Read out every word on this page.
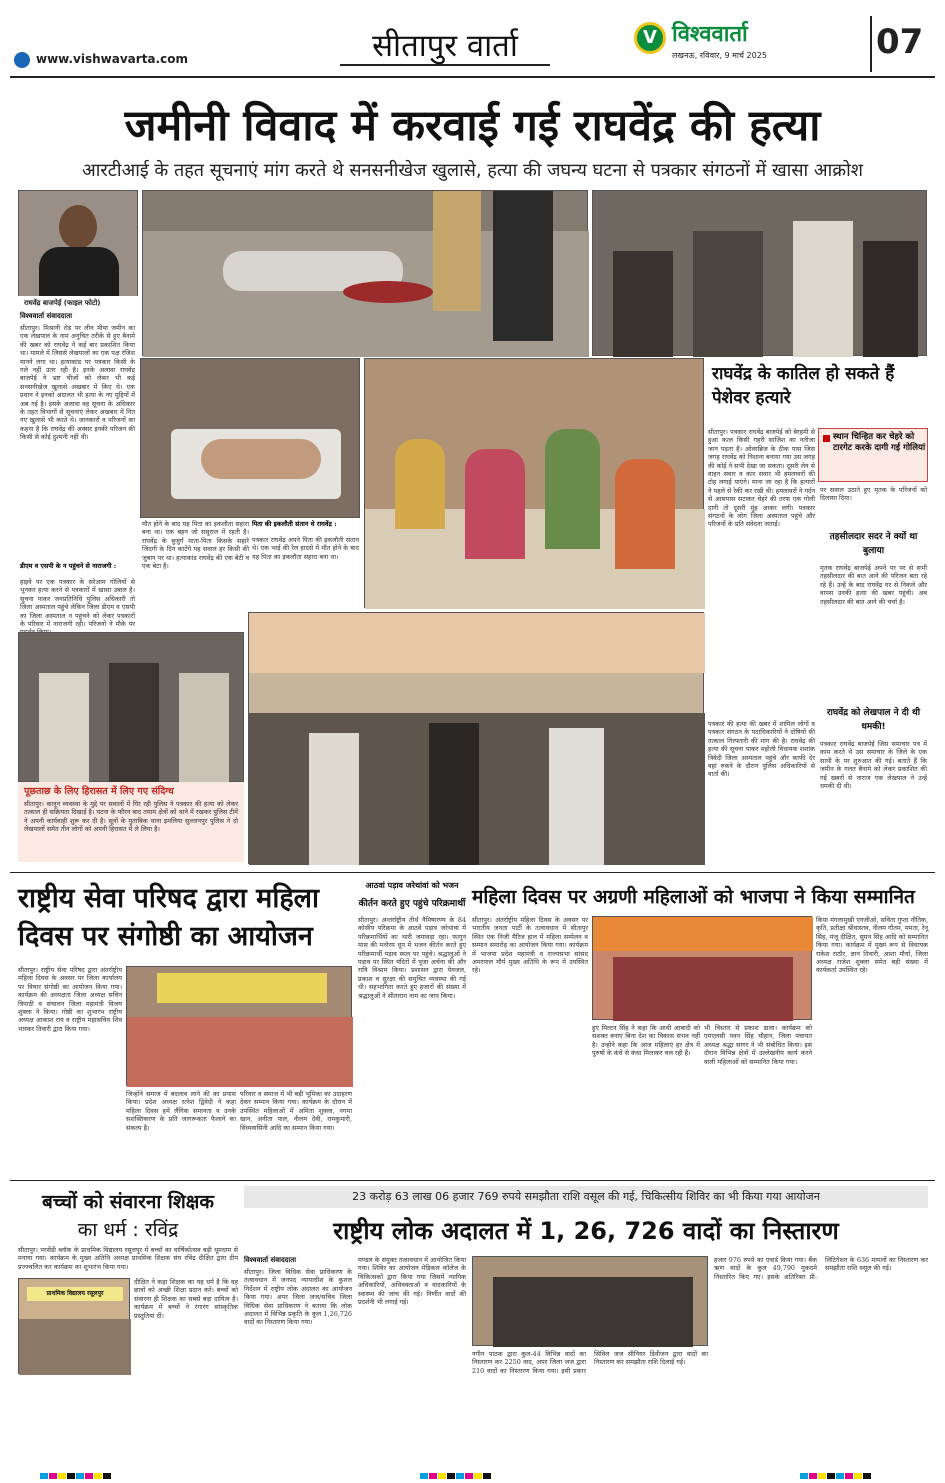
www.vishwavarta.com	सीतापुर वार्ता	V विश्ववार्ता
लखनऊ, रविवार, 9 मार्च 2025	07
जमीनी विवाद में करवाई गई राघवेंद्र की हत्या
आरटीआई के तहत सूचनाएं मांग करते थे सनसनीखेज खुलासे, हत्या की जघन्य घटना से पत्रकार संगठनों में खासा आक्रोश
राघवेंद्र बाजपेई (फाइल फोटो)
विश्ववार्ता संवाददाता
सीतापुर। मिश्रानी रोड पर लीन मीया जमीन का एक लेखपाल के नाम अनुचित तरीके से हुए बैनामे की खबर को राघवेंद्र ने कई बार प्रकाशित किया था। मामले में जिससे लेखपालों का एक पक्ष रंजिश मानने लगा था। हत्याकांड पर पत्रकार किसी के गले नहीं उतर रही है। इनके अलावा राघवेंद्र बाजपेई ने भ्रष्ट चीजों को लेकर भी कई सनसनीखेज खुलासे अखबार में किए थे। एक प्रधान ने इनको अदालत भी हत्या के नए मुद्दियों में अब गई है। इसके अलावा वह सूचना के अधिकार के तहत विभागों से सूचनाएं लेकर अखबार में नित नए खुलासे भी करते थे। जानकारों व परिजनों का कहना है कि राघवेंद्र की अक्सर इनकी परिजन की किसी से कोई दुश्मनी नहीं थी।
डीएम व एसपी के न पहुंचने से नाराजगी :
हाइवे पर एक पत्रकार के सरेआम गोलियों से भूनकर हत्या करने से पत्रकारों में खासा उबाल है। सूचना पाकर जनप्रतिनिधि पुलिस अधिकारी तो जिला अस्पताल पहुंचे लेकिन जिला डीएम व एसपी का जिला अस्पताल न पहुंचने को लेकर पत्रकारों के परिवार में नाराजगी रही। परिजनों ने मौके पर
मौत होने के बाद यह पिता का इकलौता सहारा बना था। एक बहन जो ससुराल में रहती है। राघवेंद्र के बुजुर्ग माता-पिता किसके सहारे जिंदगी के दिन काटेंगे यह सवाल हर किसी की जुबान पर था। हत्याकांड राघवेंद्र की एक बेटी व एक बेटा है।
पिता की इकलौती संतान थे राघवेंद्र :
पत्रकार राघवेंद्र अपने पिता की इकलौती संतान थे। एक भाई की रेल हादसे में मौत होने के बाद यह पिता का इकलौता सहारा बना था।
राघवेंद्र के कातिल हो सकते हैं पेशेवर हत्यारे
सीतापुर। पत्रकार राघवेंद्र बाजपेई को बेरहमी से हुआ कत्ल किसी गहरी साजिश का नतीजा जान पड़ता है। ओवरब्रिज के ठीक पास जिस जगह राघवेंद्र को निशाना बनाया गया उस जगह की कोई ने सभी देखा जा सकता। दूसरी लेन से वाहन सवार व कार सवार भी हमलावरों की टोह लगाई पाएंगे। माना जा रहा है कि हत्यारों ने पहले से रेकी कर रखी थी। हमलावरों ने गर्दन से आसपास सटाकर चेहरे की तरफ एक गोली दागी तो दूसरी मुंह आकर लगी। पत्रकार संगठनों के लोग जिला अस्पताल पहुंचे और परिजनों के प्रति संवेदना जताई।
स्थान चिन्हित कर चेहरे को टारगेट करके दागी गई गोलियां
पत्रकार की हत्या की खबर में शामिल लोगों व पत्रकार संगठन के पदाधिकारियों ने दोषियों की तत्काल गिरफ्तारी की मांग की है। राघवेंद्र की हत्या की सूचना पाकर महोली विधायक शशांक त्रिवेदी जिला अस्पताल पहुंचे और काफी देर वहां रुकने के दौरान पुलिस अधिकारियों से वार्ता की।
पर सवाल उठाते हुए मृतक के परिजनों को दिलासा दिया।
तहसीलदार सदर ने क्यों था बुलाया
मृतक राघवेंद्र बाजपेई अपने पर पर से सभी तहसीलदार की बात आने की परिजन बता रहे रहे हैं। उन्हें के बाद राघवेंद्र घर से निकले और वापस उनकी हत्या की खबर पहुंची। अब तहसीलदार की बात आने की चर्चा है।
राघवेंद्र को लेखपाल ने दी थी धमकी!
पत्रकार राघवेंद्र बाजपेई जिस समाचार पत्र में काम करते थे उस समाचार के जिले के एक साथी के पर शुरुआत की गई। बताते हैं कि जमीन के गलत बैनामे को लेकर प्रकाशित की गई खबरों से नाराज एक लेखपाल ने उन्हें धमकी दी थी।
पूछताछ के लिए हिरासत में लिए गए संदिग्ध
सीतापुर। कानून व्यवस्था के मुद्दे पर सवालों में घिर रही पुलिस ने पत्रकार की हत्या को लेकर तत्काल ही सक्रियता दिखाई है। घटना के फौरन बाद तमाम क्षेत्रों को थाने में रखकर पुलिस टीमें ने अपनी कार्यवाही शुरू कर दी है। सूत्रों के मुताबिक थाना इमलिया सुल्तानपुर पुलिस ने दो लेखपालों समेत तीन लोगों को अपनी हिरासत में ले लिया है।
राष्ट्रीय सेवा परिषद द्वारा महिला दिवस पर संगोष्ठी का आयोजन
सीतापुर। राष्ट्रीय सेवा परिषद द्वारा अंतर्राष्ट्रीय महिला दिवस के अवसर पर जिला कार्यालय पर विचार संगोष्ठी का आयोजन किया गया। कार्यक्रम की अध्यक्षता जिला अध्यक्ष सचिन त्रिपाठी व संचालन जिला महामंत्री विजय शुक्ला ने किया। गोष्ठी का शुभारंभ राष्ट्रीय अध्यक्ष आकाश राय व राष्ट्रीय महासचिव शिव भास्कर तिवारी द्वारा किया गया।
जिन्होंने समाज में बदलाव लाने की का प्रयास किया। प्रदेश अध्यक्ष रत्नेश द्विवेदी ने कहा महिला दिवस हमें लैंगिक समानता व उनके सशक्तिकरण के प्रति जागरूकता फैलाने का संकल्प है।
परिवार व समाज में भी बड़ी भूमिका का उदाहरण देकर सम्मान किया गया। कार्यक्रम के दौरान में उपस्थित महिलाओं में अमिता शुक्ला, नगमा खान, अनीता पाल, नीलम देवी, रामकुमारी, विंध्यवासिनी आदि का सम्मान किया गया।
आठवां पड़ाव जरेथांवां को भजन
कीर्तन करते हुए पहुंचे परिक्रमार्थी
सीतापुर। अन्तर्राष्ट्रीय तीर्थ नैमिषारण्य के 84 कोसीय परिक्रमा के आठवें पड़ाव जरेथांवां में परिक्रमार्थियों का भारी जमावड़ा रहा। फागुन मास की मनोरम धूप में भजन कीर्तन करते हुए परिक्रमार्थी पड़ाव स्थल पर पहुंचे। श्रद्धालुओं ने पड़ाव पर स्थित मंदिरों में पूजा अर्चना की और रात्रि विश्राम किया। प्रशासन द्वारा पेयजल, प्रकाश व सुरक्षा की समुचित व्यवस्था की गई थी। सहभागिता करते हुए हजारों की संख्या में श्रद्धालुओं ने सीताराम नाम का जाप किया।
महिला दिवस पर अग्रणी महिलाओं को भाजपा ने किया सम्मानित
सीतापुर। अंतर्राष्ट्रीय महिला दिवस के अवसर पर भारतीय जनता पार्टी के तत्वावधान में सीतापुर स्थित एक निजी मैरिज हाल में महिला सम्मेलन व सम्मान समारोह का आयोजन किया गया। कार्यक्रम में भाजपा प्रदेश महामंत्री व राज्यसभा सांसद अमरपाल मौर्य मुख्य अतिथि के रूप में उपस्थित रहे।
हुए मिल्टन सिंह ने कहा कि आधी आबादी को सशक्त बनाए बिना देश का विकास संभव नहीं है। उन्होंने कहा कि आज महिलाएं हर क्षेत्र में पुरुषों के कंधे से कंधा मिलाकर चल रही हैं।
भी विस्तार से प्रकाश डाला। कार्यक्रम को एमएलसी पवन सिंह चौहान, जिला पंचायत अध्यक्ष श्रद्धा सागर ने भी संबोधित किया। इस दौरान विभिन्न क्षेत्रों में उल्लेखनीय कार्य करने वाली महिलाओं को सम्मानित किया गया।
किया मंगलामुखी एनजीओ, सविता गुप्ता नौतिक, कृति, प्रतीक्षा श्रीवास्तव, नीलम गौतम, ममता, रेनू सिंह, मंजू दीक्षित, सुमन सिंह आदि को सम्मानित किया गया। कार्यक्रम में मुख्य रूप से विधायक राकेश राठौर, ज्ञान तिवारी, आशा मौर्या, जिला अध्यक्ष राजेश शुक्ला समेत बड़ी संख्या में कार्यकर्ता उपस्थित रहे।
बच्चों को संवारना शिक्षक
का धर्म : रविंद्र
सीतापुर। परसेंडी ब्लॉक के प्राथमिक विद्यालय रसूलपुर में बच्चों का वार्षिकोत्सव बड़ी धूमधाम से मनाया गया। कार्यक्रम के मुख्य अतिथि अध्यक्ष प्राथमिक शिक्षक संघ रविंद्र दीक्षित द्वारा दीप प्रज्ज्वलित कर कार्यक्रम का शुभारंभ किया गया।
प्राथमिक विद्यालय रसूलपुर
दीक्षित ने कहा शिक्षक का यह धर्म है कि वह छात्रों को अच्छी शिक्षा प्रदान करें। बच्चों को संवारना ही शिक्षक का सबसे बड़ा दायित्व है। कार्यक्रम में बच्चों ने रंगारंग सांस्कृतिक प्रस्तुतियां दीं।
23 करोड़ 63 लाख 06 हजार 769 रुपये समझौता राशि वसूल की गई, चिकित्सीय शिविर का भी किया गया आयोजन
राष्ट्रीय लोक अदालत में 1, 26, 726 वादों का निस्तारण
विश्ववार्ता संवाददाता
सीतापुर। जिला विधिक सेवा प्राधिकरण के तत्वावधान में जनपद न्यायाधीश के कुशल निर्देशन में राष्ट्रीय लोक अदालत का आयोजन किया गया। अपर जिला जज/सचिव जिला विधिक सेवा प्राधिकरण ने बताया कि लोक अदालत में विभिन्न प्रकृति के कुल 1,26,726 वादों का निस्तारण किया गया।
मण्डल के संयुक्त तत्वावधान में आयोजित किया गया। शिविर का आयोजन मेडिकल कॉलेज के चिकित्सकों द्वारा किया गया जिसमें न्यायिक अधिकारियों, अधिवक्ताओं व वादकारियों के स्वास्थ्य की जांच की गई। निर्णीत वादों की प्रदर्शनी भी लगाई गई।
नगीन पाठक द्वारा कुल-44 विभिन्न वादों का निस्तारण कर 2250 वाद, अपर जिला जज द्वारा 210 वादों का निस्तारण किया गया। इसी प्रकार सिविल जज सीनियर डिवीजन द्वारा वादों का निस्तारण कर समझौता राशि दिलाई गई।
हजार 976 रुपये का एवार्ड किया गया। बैंक ऋण वादों के कुल 49,790 मुकदमे निस्तारित किए गए। इसके अतिरिक्त प्री-लिटिगेशन के 636 मामलों का निस्तारण कर समझौता राशि वसूल की गई।
